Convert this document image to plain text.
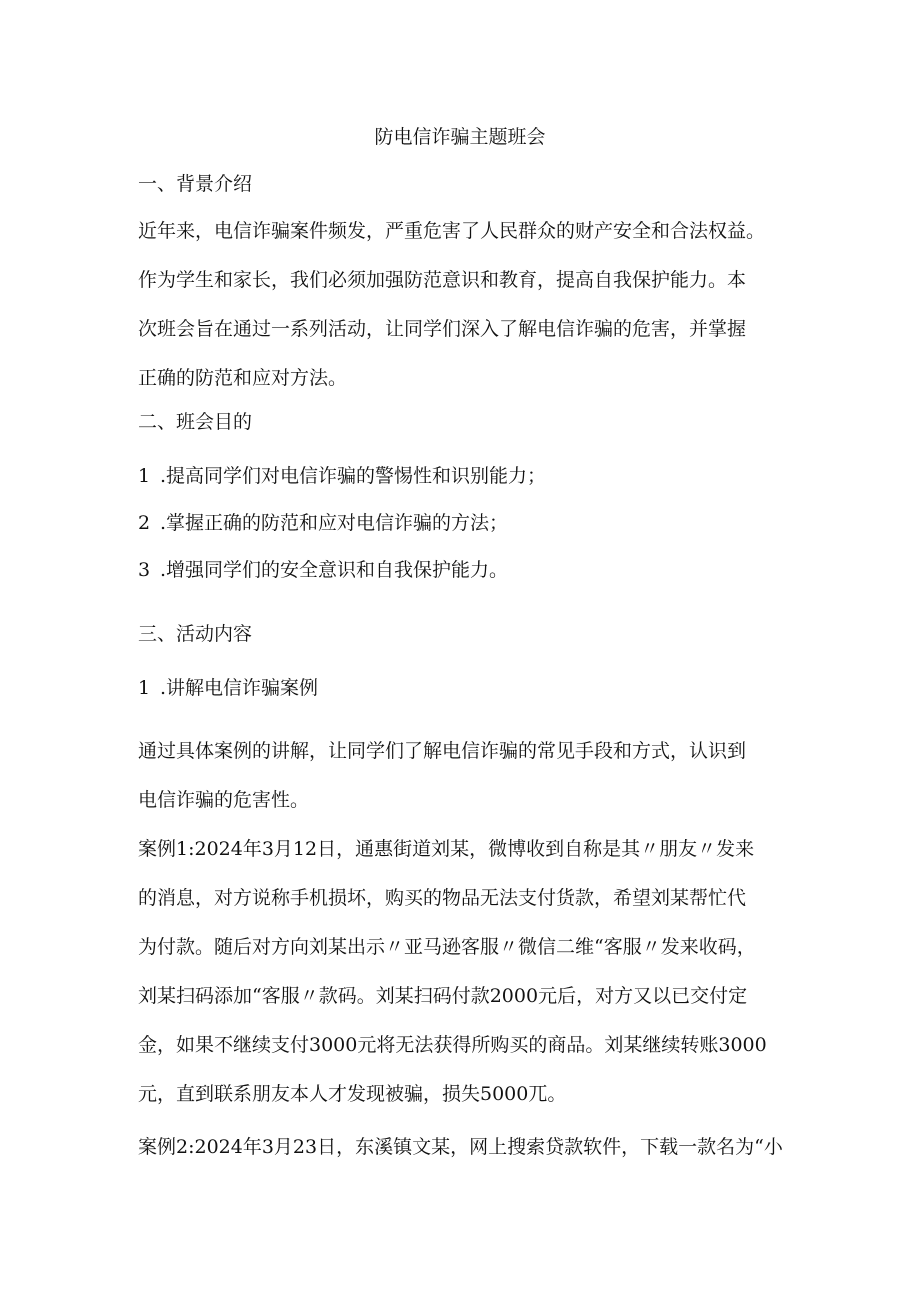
防电信诈骗主题班会
一、背景介绍

近年来，电信诈骗案件频发，严重危害了人民群众的财产安全和合法权益。

作为学生和家长，我们必须加强防范意识和教育，提高自我保护能力。本

次班会旨在通过一系列活动，让同学们深入了解电信诈骗的危害，并掌握

正确的防范和应对方法。

二、班会目的

1 .提高同学们对电信诈骗的警惕性和识别能力；

2 .掌握正确的防范和应对电信诈骗的方法；

3 .增强同学们的安全意识和自我保护能力。

三、活动内容

1 .讲解电信诈骗案例

通过具体案例的讲解，让同学们了解电信诈骗的常见手段和方式，认识到

电信诈骗的危害性。

案例1:2024年3月12日，通惠街道刘某，微博收到自称是其〃朋友〃发来

的消息，对方说称手机损坏，购买的物品无法支付货款，希望刘某帮忙代

为付款。随后对方向刘某出示〃亚马逊客服〃微信二维“客服〃发来收码，

刘某扫码添加“客服〃款码。刘某扫码付款2000元后，对方又以已交付定

金，如果不继续支付3000元将无法获得所购买的商品。刘某继续转账3000

元，直到联系朋友本人才发现被骗，损失5000兀。

案例2:2024年3月23日，东溪镇文某，网上搜索贷款软件，下载一款名为“小
